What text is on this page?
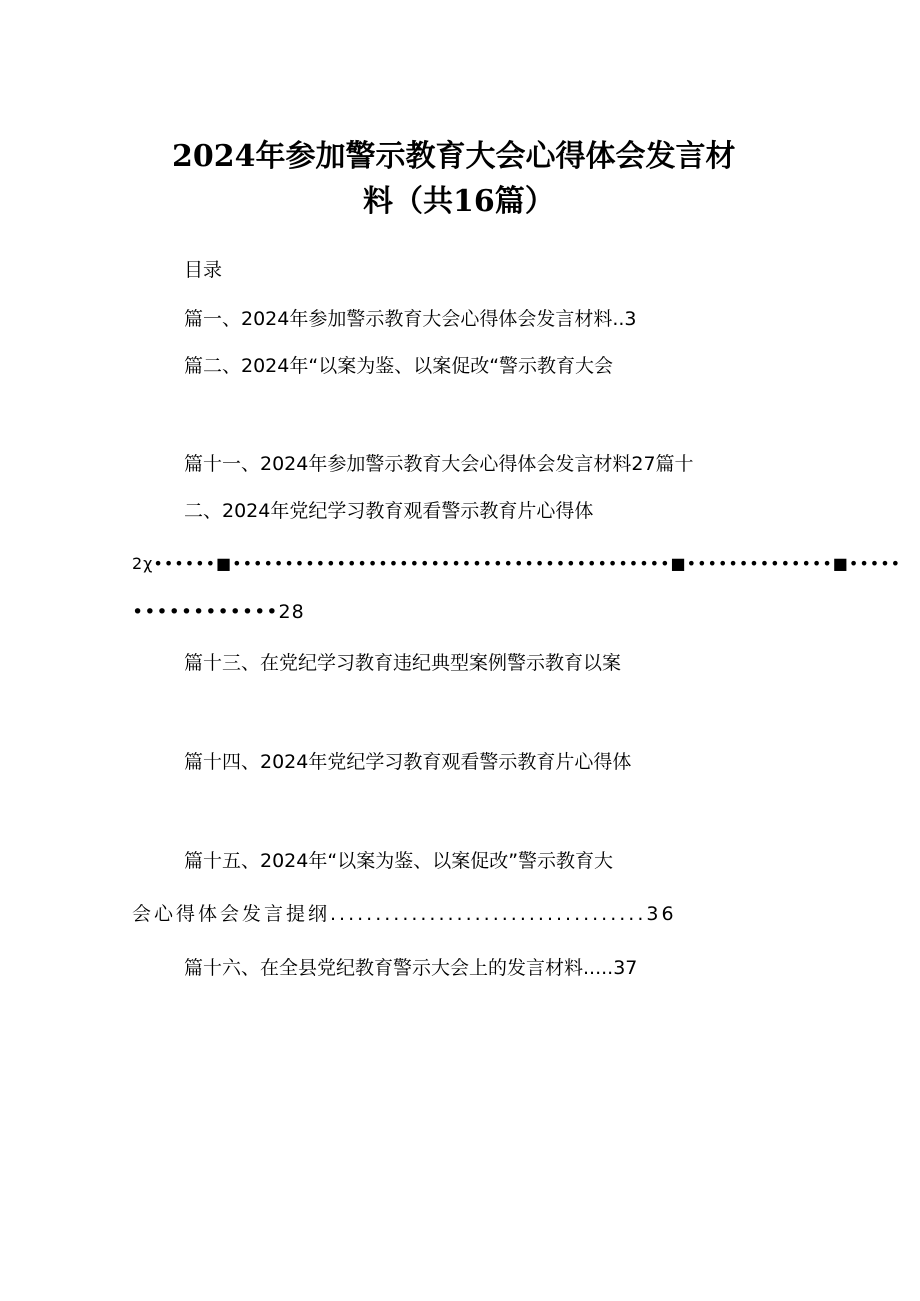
2024年参加警示教育大会心得体会发言材
料（共16篇）
目录
篇一、2024年参加警示教育大会心得体会发言材料..3
篇二、2024年“以案为鉴、以案促改“警示教育大会
篇十一、2024年参加警示教育大会心得体会发言材料27篇十
二、2024年党纪学习教育观看警示教育片心得体
2χ••••••■••••••••••••••••••••••••••••••••••••••••••■••••••••••••••■•••••
••••••••••••28
篇十三、在党纪学习教育违纪典型案例警示教育以案
篇十四、2024年党纪学习教育观看警示教育片心得体
篇十五、2024年“以案为鉴、以案促改”警示教育大
会心得体会发言提纲...................................36
篇十六、在全县党纪教育警示大会上的发言材料.....37
